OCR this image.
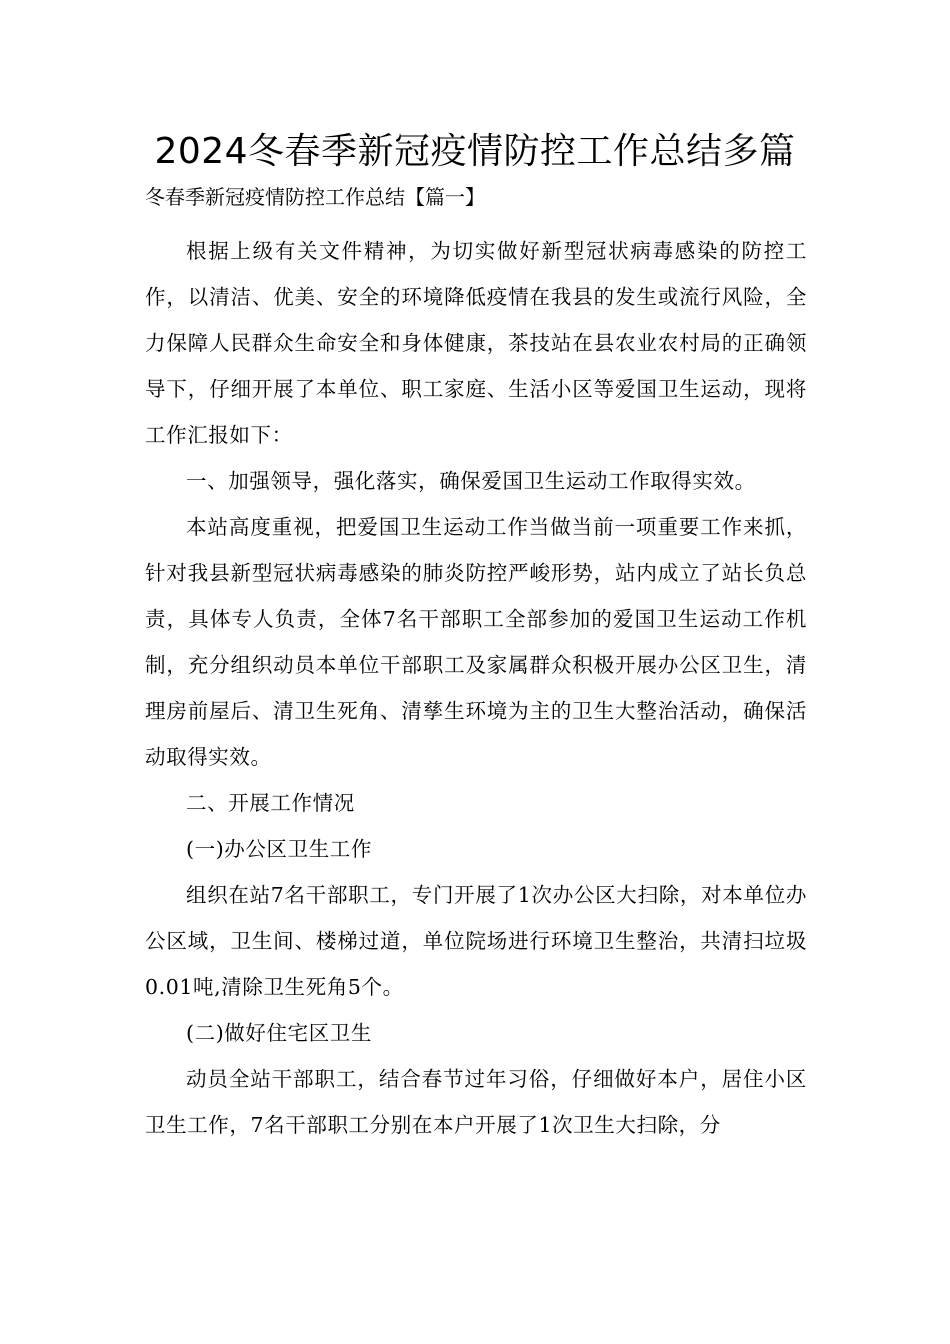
2024冬春季新冠疫情防控工作总结多篇
冬春季新冠疫情防控工作总结【篇一】

根据上级有关文件精神，为切实做好新型冠状病毒感染的防控工作，以清洁、优美、安全的环境降低疫情在我县的发生或流行风险，全力保障人民群众生命安全和身体健康，茶技站在县农业农村局的正确领导下，仔细开展了本单位、职工家庭、生活小区等爱国卫生运动，现将工作汇报如下：

一、加强领导，强化落实，确保爱国卫生运动工作取得实效。

本站高度重视，把爱国卫生运动工作当做当前一项重要工作来抓，针对我县新型冠状病毒感染的肺炎防控严峻形势，站内成立了站长负总责，具体专人负责，全体7名干部职工全部参加的爱国卫生运动工作机制，充分组织动员本单位干部职工及家属群众积极开展办公区卫生，清理房前屋后、清卫生死角、清孳生环境为主的卫生大整治活动，确保活动取得实效。

二、开展工作情况

(一)办公区卫生工作

组织在站7名干部职工，专门开展了1次办公区大扫除，对本单位办公区域，卫生间、楼梯过道，单位院场进行环境卫生整治，共清扫垃圾0.01吨,清除卫生死角5个。

(二)做好住宅区卫生

动员全站干部职工，结合春节过年习俗，仔细做好本户，居住小区卫生工作，7名干部职工分别在本户开展了1次卫生大扫除，分
